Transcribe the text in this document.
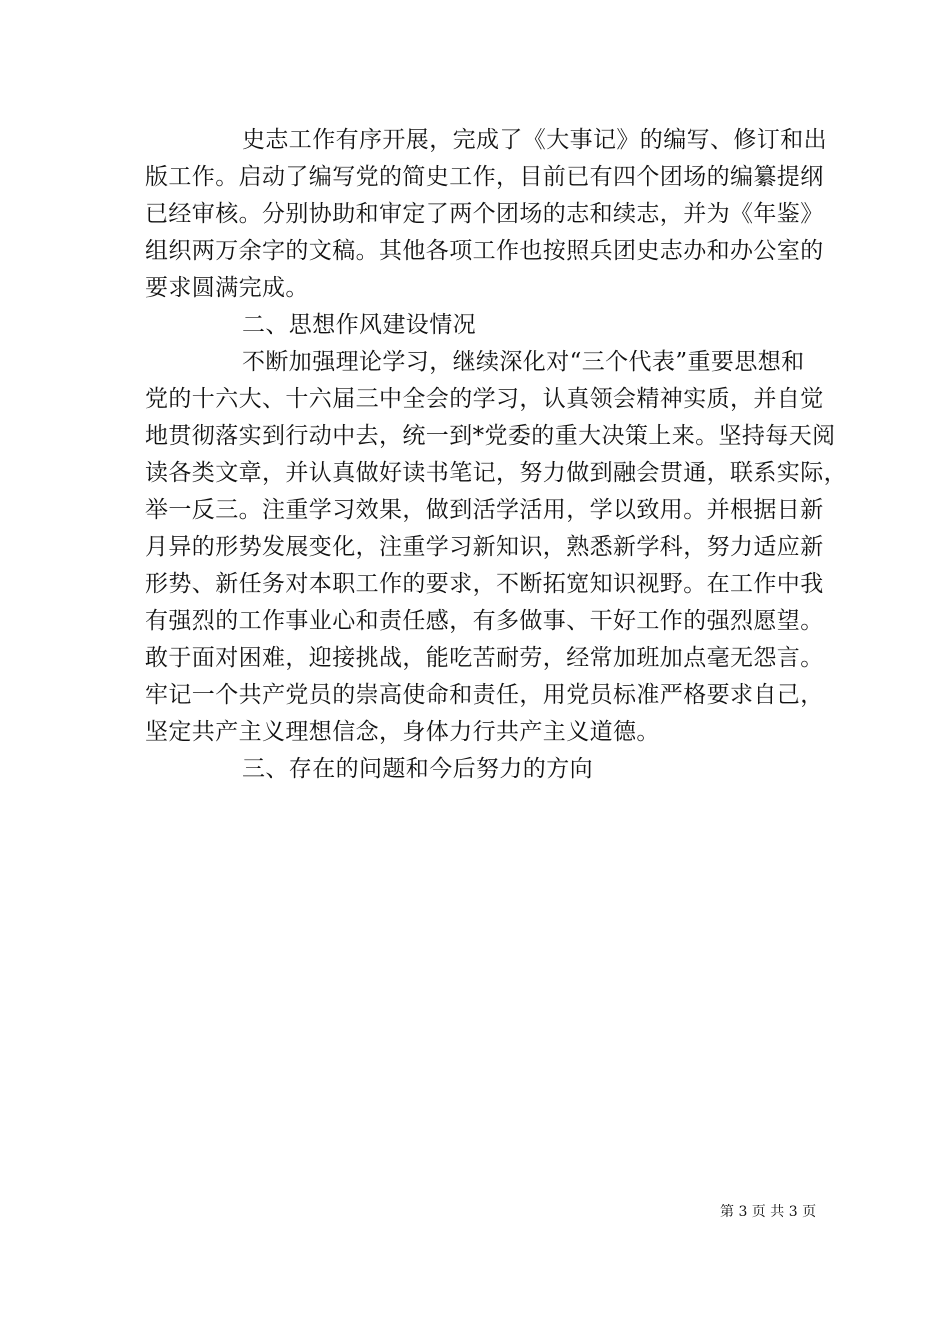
史志工作有序开展，完成了《大事记》的编写、修订和出
版工作。启动了编写党的简史工作，目前已有四个团场的编纂提纲
已经审核。分别协助和审定了两个团场的志和续志，并为《年鉴》
组织两万余字的文稿。其他各项工作也按照兵团史志办和办公室的
要求圆满完成。
二、思想作风建设情况
不断加强理论学习，继续深化对“三个代表”重要思想和
党的十六大、十六届三中全会的学习，认真领会精神实质，并自觉
地贯彻落实到行动中去，统一到*党委的重大决策上来。坚持每天阅
读各类文章，并认真做好读书笔记，努力做到融会贯通，联系实际，
举一反三。注重学习效果，做到活学活用，学以致用。并根据日新
月异的形势发展变化，注重学习新知识，熟悉新学科，努力适应新
形势、新任务对本职工作的要求，不断拓宽知识视野。在工作中我
有强烈的工作事业心和责任感，有多做事、干好工作的强烈愿望。
敢于面对困难，迎接挑战，能吃苦耐劳，经常加班加点毫无怨言。
牢记一个共产党员的崇高使命和责任，用党员标准严格要求自己，
坚定共产主义理想信念，身体力行共产主义道德。
三、存在的问题和今后努力的方向
第 3 页 共 3 页
